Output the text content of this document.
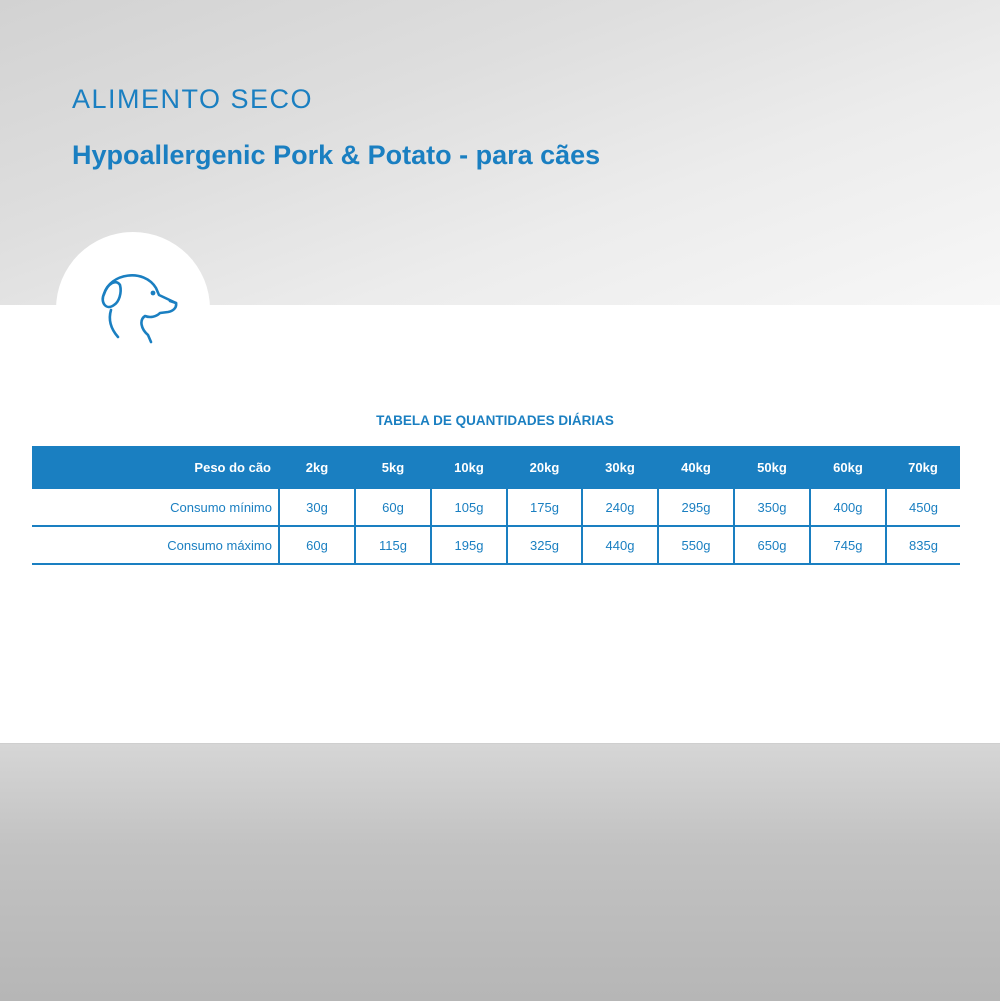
ALIMENTO SECO
Hypoallergenic Pork & Potato - para cães
TABELA DE QUANTIDADES DIÁRIAS
Peso do cão	2kg	5kg	10kg	20kg	30kg	40kg	50kg	60kg	70kg
Consumo mínimo	30g	60g	105g	175g	240g	295g	350g	400g	450g
Consumo máximo	60g	115g	195g	325g	440g	550g	650g	745g	835g
